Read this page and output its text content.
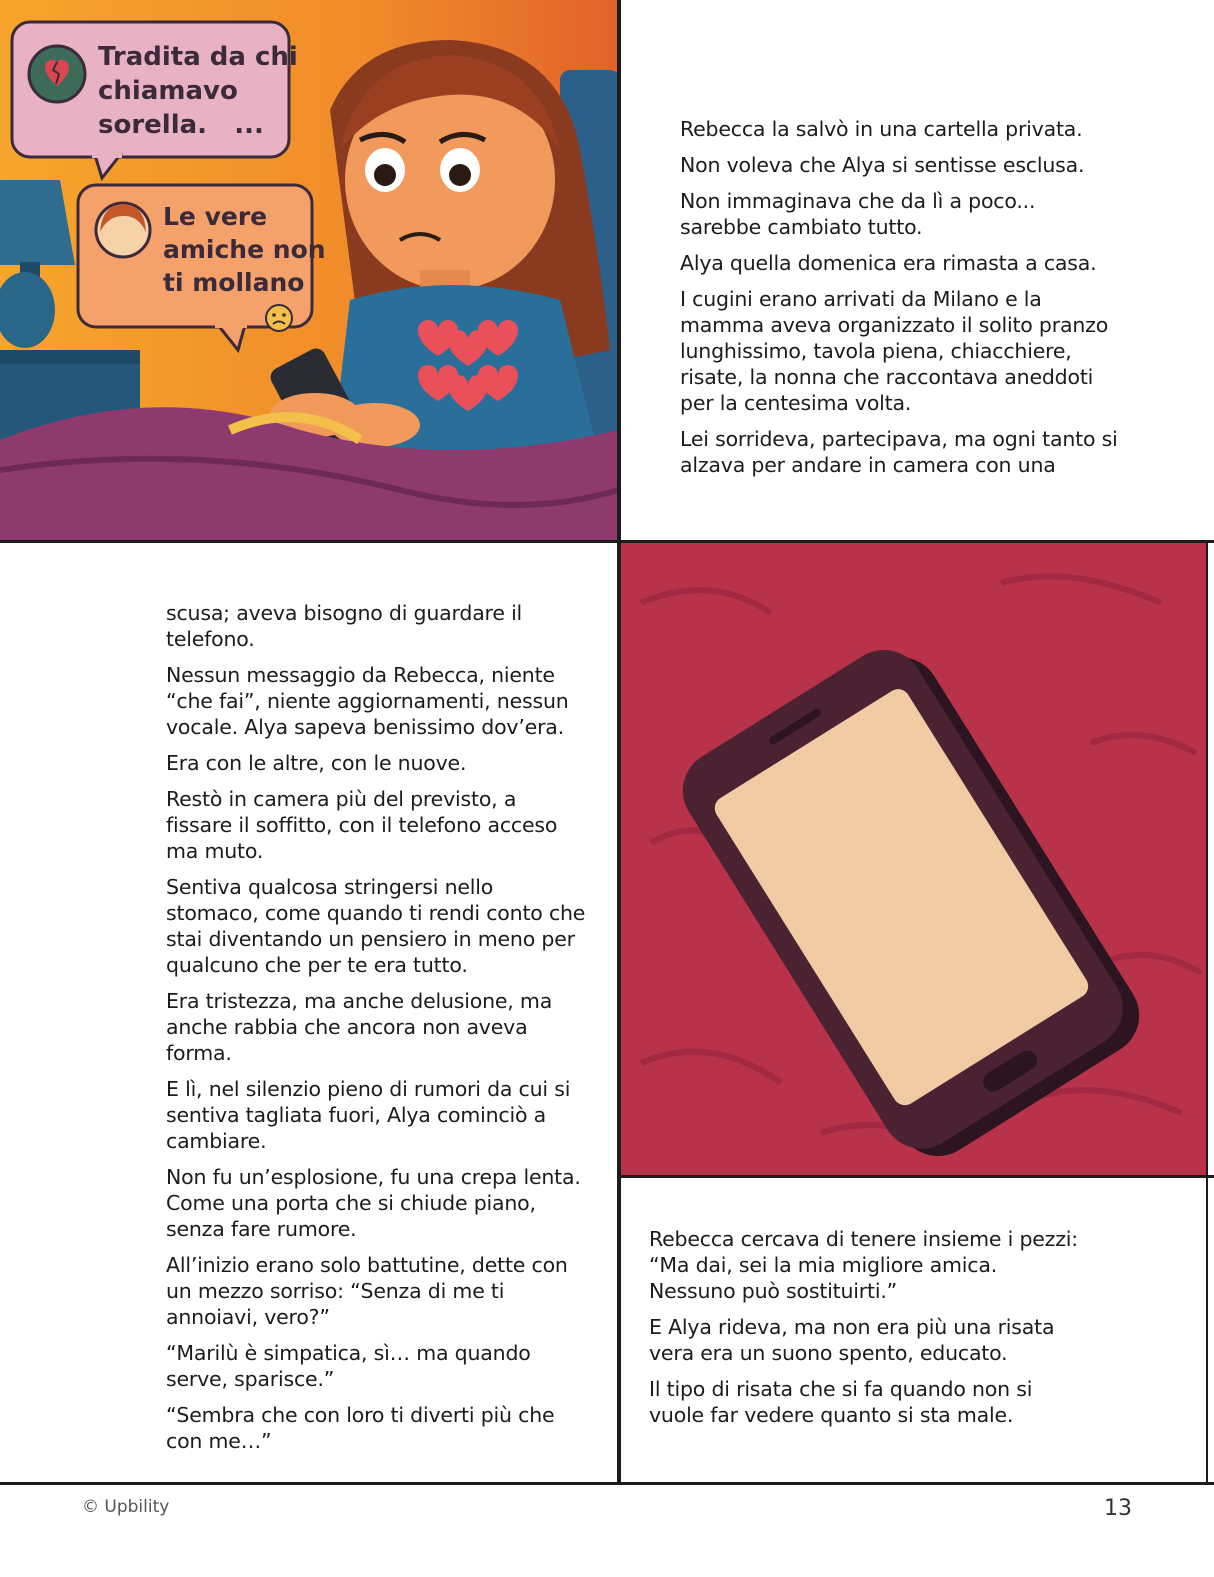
Tradita da chi
chiamavo
sorella. ...
Le vere
amiche non
ti mollano

Rebecca la salvò in una cartella privata.

Non voleva che Alya si sentisse esclusa.

Non immaginava che da lì a poco... sarebbe cambiato tutto.

Alya quella domenica era rimasta a casa.

I cugini erano arrivati da Milano e la mamma aveva organizzato il solito pranzo lunghissimo, tavola piena, chiacchiere, risate, la nonna che raccontava aneddoti per la centesima volta.

Lei sorrideva, partecipava, ma ogni tanto si alzava per andare in camera con una

scusa; aveva bisogno di guardare il telefono.

Nessun messaggio da Rebecca, niente “che fai”, niente aggiornamenti, nessun vocale. Alya sapeva benissimo dov’era.

Era con le altre, con le nuove.

Restò in camera più del previsto, a fissare il soffitto, con il telefono acceso ma muto.

Sentiva qualcosa stringersi nello stomaco, come quando ti rendi conto che stai diventando un pensiero in meno per qualcuno che per te era tutto.

Era tristezza, ma anche delusione, ma anche rabbia che ancora non aveva forma.

E lì, nel silenzio pieno di rumori da cui si sentiva tagliata fuori, Alya cominciò a cambiare.

Non fu un’esplosione, fu una crepa lenta. Come una porta che si chiude piano, senza fare rumore.

All’inizio erano solo battutine, dette con un mezzo sorriso: “Senza di me ti annoiavi, vero?”

“Marilù è simpatica, sì… ma quando serve, sparisce.”

“Sembra che con loro ti diverti più che con me…”

Rebecca cercava di tenere insieme i pezzi: “Ma dai, sei la mia migliore amica. Nessuno può sostituirti.”

E Alya rideva, ma non era più una risata vera era un suono spento, educato.

Il tipo di risata che si fa quando non si vuole far vedere quanto si sta male.

© Upbility	13
